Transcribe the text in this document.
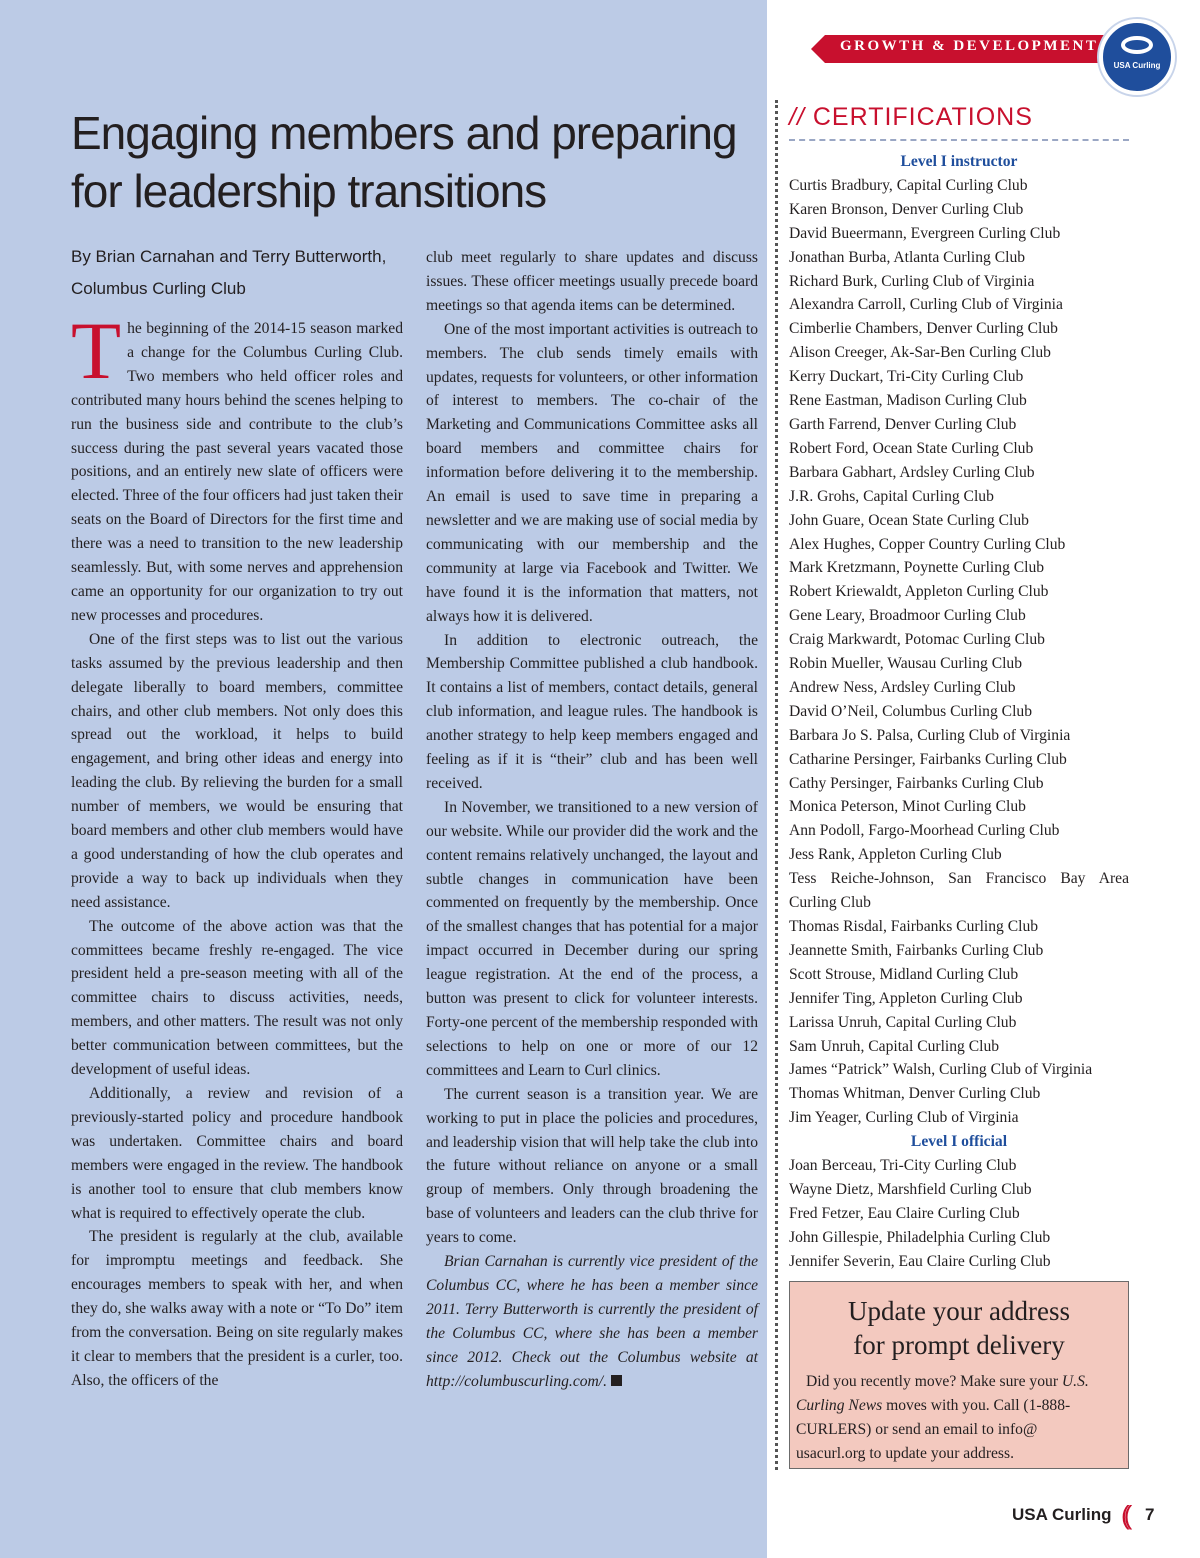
GROWTH & DEVELOPMENT
USA Curling
Engaging members and preparing for leadership transitions
By Brian Carnahan and Terry Butterworth,
Columbus Curling Club

The beginning of the 2014-15 season marked a change for the Columbus Curling Club. Two members who held officer roles and contributed many hours behind the scenes helping to run the business side and contribute to the club’s success during the past several years vacated those positions, and an entirely new slate of officers were elected. Three of the four officers had just taken their seats on the Board of Directors for the first time and there was a need to transition to the new leadership seamlessly. But, with some nerves and apprehension came an opportunity for our organization to try out new processes and procedures.

One of the first steps was to list out the various tasks assumed by the previous leadership and then delegate liberally to board members, committee chairs, and other club members. Not only does this spread out the workload, it helps to build engagement, and bring other ideas and energy into leading the club. By relieving the burden for a small number of members, we would be ensuring that board members and other club members would have a good understanding of how the club operates and provide a way to back up individuals when they need assistance.

The outcome of the above action was that the committees became freshly re-engaged. The vice president held a pre-season meeting with all of the committee chairs to discuss activities, needs, members, and other matters. The result was not only better communication between committees, but the development of useful ideas.

Additionally, a review and revision of a previously-started policy and procedure handbook was undertaken. Committee chairs and board members were engaged in the review. The handbook is another tool to ensure that club members know what is required to effectively operate the club.

The president is regularly at the club, available for impromptu meetings and feedback. She encourages members to speak with her, and when they do, she walks away with a note or “To Do” item from the conversation. Being on site regularly makes it clear to members that the president is a curler, too. Also, the officers of the

club meet regularly to share updates and discuss issues. These officer meetings usually precede board meetings so that agenda items can be determined.

One of the most important activities is outreach to members. The club sends timely emails with updates, requests for volunteers, or other information of interest to members. The co-chair of the Marketing and Communications Committee asks all board members and committee chairs for information before delivering it to the membership. An email is used to save time in preparing a newsletter and we are making use of social media by communicating with our membership and the community at large via Facebook and Twitter. We have found it is the information that matters, not always how it is delivered.

In addition to electronic outreach, the Membership Committee published a club handbook. It contains a list of members, contact details, general club information, and league rules. The handbook is another strategy to help keep members engaged and feeling as if it is “their” club and has been well received.

In November, we transitioned to a new version of our website. While our provider did the work and the content remains relatively unchanged, the layout and subtle changes in communication have been commented on frequently by the membership. Once of the smallest changes that has potential for a major impact occurred in December during our spring league registration. At the end of the process, a button was present to click for volunteer interests. Forty-one percent of the membership responded with selections to help on one or more of our 12 committees and Learn to Curl clinics.

The current season is a transition year. We are working to put in place the policies and procedures, and leadership vision that will help take the club into the future without reliance on anyone or a small group of members. Only through broadening the base of volunteers and leaders can the club thrive for years to come.

Brian Carnahan is currently vice president of the Columbus CC, where he has been a member since 2011. Terry Butterworth is currently the president of the Columbus CC, where she has been a member since 2012. Check out the Columbus website at http://columbuscurling.com/.

// CERTIFICATIONS
Level I instructor
Curtis Bradbury, Capital Curling Club
Karen Bronson, Denver Curling Club
David Bueermann, Evergreen Curling Club
Jonathan Burba, Atlanta Curling Club
Richard Burk, Curling Club of Virginia
Alexandra Carroll, Curling Club of Virginia
Cimberlie Chambers, Denver Curling Club
Alison Creeger, Ak-Sar-Ben Curling Club
Kerry Duckart, Tri-City Curling Club
Rene Eastman, Madison Curling Club
Garth Farrend, Denver Curling Club
Robert Ford, Ocean State Curling Club
Barbara Gabhart, Ardsley Curling Club
J.R. Grohs, Capital Curling Club
John Guare, Ocean State Curling Club
Alex Hughes, Copper Country Curling Club
Mark Kretzmann, Poynette Curling Club
Robert Kriewaldt, Appleton Curling Club
Gene Leary, Broadmoor Curling Club
Craig Markwardt, Potomac Curling Club
Robin Mueller, Wausau Curling Club
Andrew Ness, Ardsley Curling Club
David O’Neil, Columbus Curling Club
Barbara Jo S. Palsa, Curling Club of Virginia
Catharine Persinger, Fairbanks Curling Club
Cathy Persinger, Fairbanks Curling Club
Monica Peterson, Minot Curling Club
Ann Podoll, Fargo-Moorhead Curling Club
Jess Rank, Appleton Curling Club
Tess Reiche-Johnson, San Francisco Bay Area Curling Club
Thomas Risdal, Fairbanks Curling Club
Jeannette Smith, Fairbanks Curling Club
Scott Strouse, Midland Curling Club
Jennifer Ting, Appleton Curling Club
Larissa Unruh, Capital Curling Club
Sam Unruh, Capital Curling Club
James “Patrick” Walsh, Curling Club of Virginia
Thomas Whitman, Denver Curling Club
Jim Yeager, Curling Club of Virginia
Level I official
Joan Berceau, Tri-City Curling Club
Wayne Dietz, Marshfield Curling Club
Fred Fetzer, Eau Claire Curling Club
John Gillespie, Philadelphia Curling Club
Jennifer Severin, Eau Claire Curling Club
Update your address
for prompt delivery
Did you recently move? Make sure your U.S. Curling News moves with you. Call (1-888-CURLERS) or send an email to info@ usacurl.org to update your address.
USA Curling (( 7
